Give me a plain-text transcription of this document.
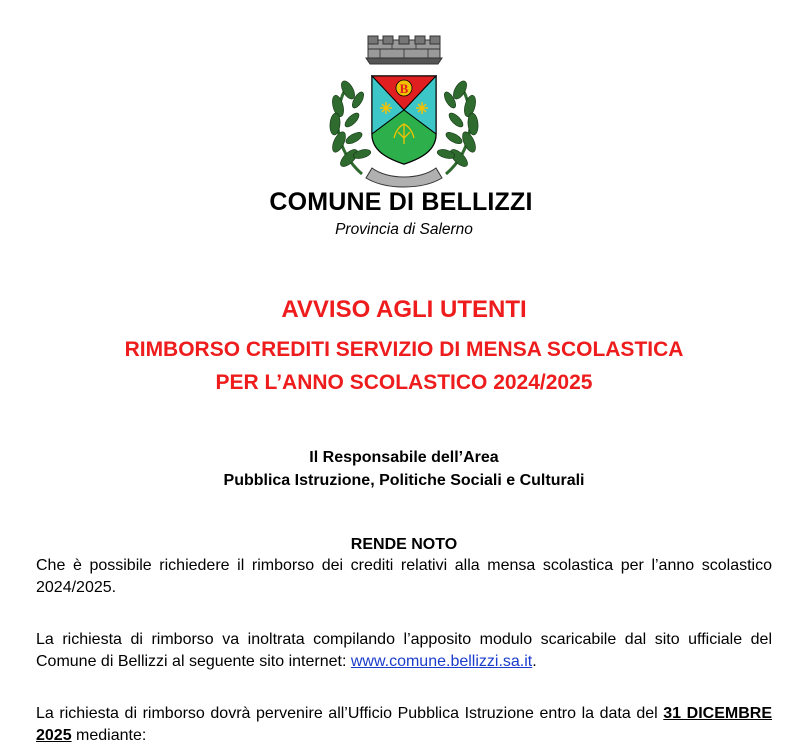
B
COMUNE DI BELLIZZI
Provincia di Salerno
AVVISO AGLI UTENTI
RIMBORSO CREDITI SERVIZIO DI MENSA SCOLASTICA
PER L’ANNO SCOLASTICO 2024/2025
Il Responsabile dell’Area
Pubblica Istruzione, Politiche Sociali e Culturali
RENDE NOTO
Che è possibile richiedere il rimborso dei crediti relativi alla mensa scolastica per l’anno scolastico 2024/2025.
La richiesta di rimborso va inoltrata compilando l’apposito modulo scaricabile dal sito ufficiale del Comune di Bellizzi al seguente sito internet: www.comune.bellizzi.sa.it.
La richiesta di rimborso dovrà pervenire all’Ufficio Pubblica Istruzione entro la data del 31 DICEMBRE 2025 mediante:
